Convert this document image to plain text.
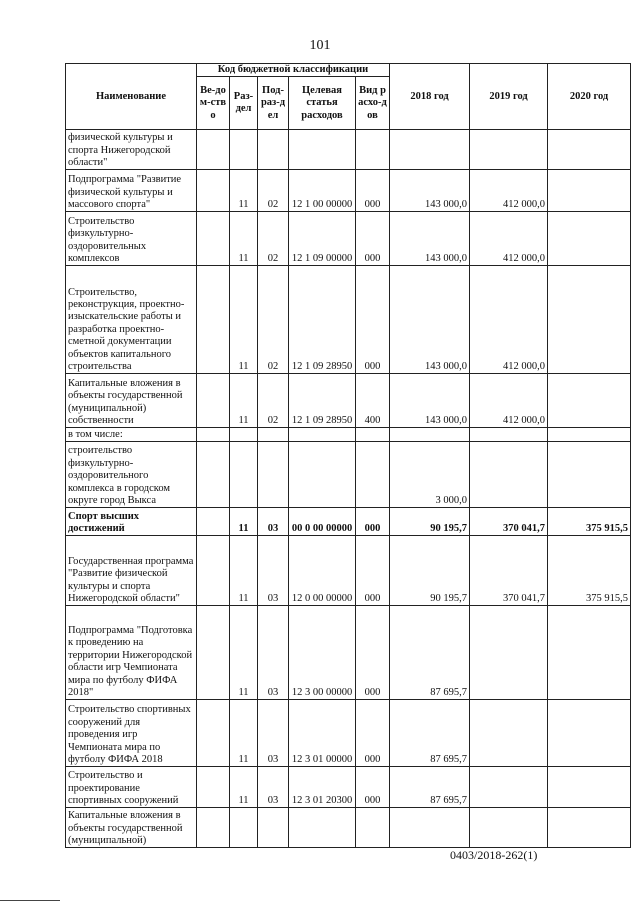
101
Наименование	Код бюджетной классификации					2018 год	2019 год	2020 год
	Ве-дом-ство	Раз-дел	Под-раз-дел	Целевая статья расходов	Вид расхо-дов			
физической культуры и спорта Нижегородской области"								
Подпрограмма "Развитие физической культуры и массового спорта"		11	02	12 1 00 00000	000	143 000,0	412 000,0	
Строительство физкультурно-оздоровительных комплексов		11	02	12 1 09 00000	000	143 000,0	412 000,0	
Строительство, реконструкция, проектно-изыскательские работы и разработка проектно-сметной документации объектов капитального строительства		11	02	12 1 09 28950	000	143 000,0	412 000,0	
Капитальные вложения в объекты государственной (муниципальной) собственности		11	02	12 1 09 28950	400	143 000,0	412 000,0	
в том числе:								
строительство физкультурно-оздоровительного комплекса в городском округе город Выкса						3 000,0		
Спорт высших достижений		11	03	00 0 00 00000	000	90 195,7	370 041,7	375 915,5
Государственная программа "Развитие физической культуры и спорта Нижегородской области"		11	03	12 0 00 00000	000	90 195,7	370 041,7	375 915,5
Подпрограмма "Подготовка к проведению на территории Нижегородской области игр Чемпионата мира по футболу ФИФА 2018"		11	03	12 3 00 00000	000	87 695,7		
Строительство спортивных сооружений для проведения игр Чемпионата мира по футболу ФИФА 2018		11	03	12 3 01 00000	000	87 695,7		
Строительство и проектирование спортивных сооружений		11	03	12 3 01 20300	000	87 695,7		
Капитальные вложения в объекты государственной (муниципальной)								
0403/2018-262(1)
